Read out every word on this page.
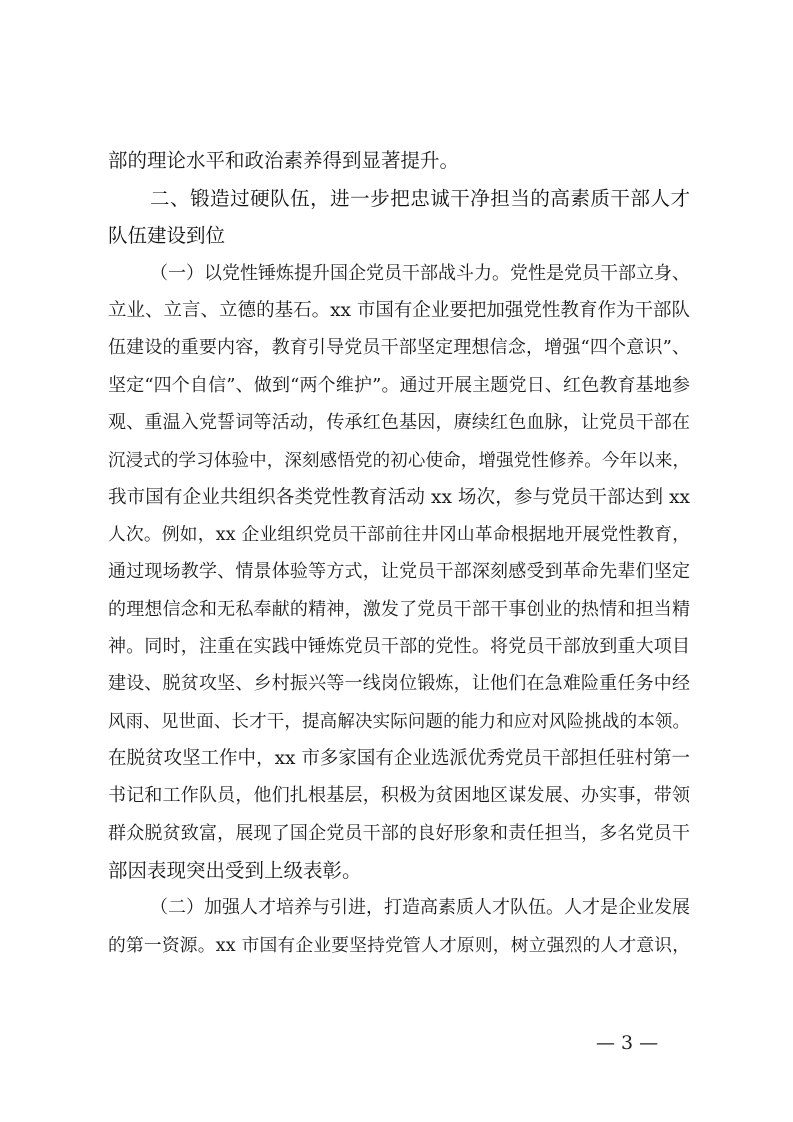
— 3 —
部的理论水平和政治素养得到显著提升。
二、锻造过硬队伍，进一步把忠诚干净担当的高素质干部人才
队伍建设到位
（一）以党性锤炼提升国企党员干部战斗力。党性是党员干部立身、
立业、立言、立德的基石。xx 市国有企业要把加强党性教育作为干部队
伍建设的重要内容，教育引导党员干部坚定理想信念，增强“四个意识”、
坚定“四个自信”、做到“两个维护”。通过开展主题党日、红色教育基地参
观、重温入党誓词等活动，传承红色基因，赓续红色血脉，让党员干部在
沉浸式的学习体验中，深刻感悟党的初心使命，增强党性修养。今年以来，
我市国有企业共组织各类党性教育活动 xx 场次，参与党员干部达到 xx
人次。例如，xx 企业组织党员干部前往井冈山革命根据地开展党性教育，
通过现场教学、情景体验等方式，让党员干部深刻感受到革命先辈们坚定
的理想信念和无私奉献的精神，激发了党员干部干事创业的热情和担当精
神。同时，注重在实践中锤炼党员干部的党性。将党员干部放到重大项目
建设、脱贫攻坚、乡村振兴等一线岗位锻炼，让他们在急难险重任务中经
风雨、见世面、长才干，提高解决实际问题的能力和应对风险挑战的本领。
在脱贫攻坚工作中，xx 市多家国有企业选派优秀党员干部担任驻村第一
书记和工作队员，他们扎根基层，积极为贫困地区谋发展、办实事，带领
群众脱贫致富，展现了国企党员干部的良好形象和责任担当，多名党员干
部因表现突出受到上级表彰。
（二）加强人才培养与引进，打造高素质人才队伍。人才是企业发展
的第一资源。xx 市国有企业要坚持党管人才原则，树立强烈的人才意识，
